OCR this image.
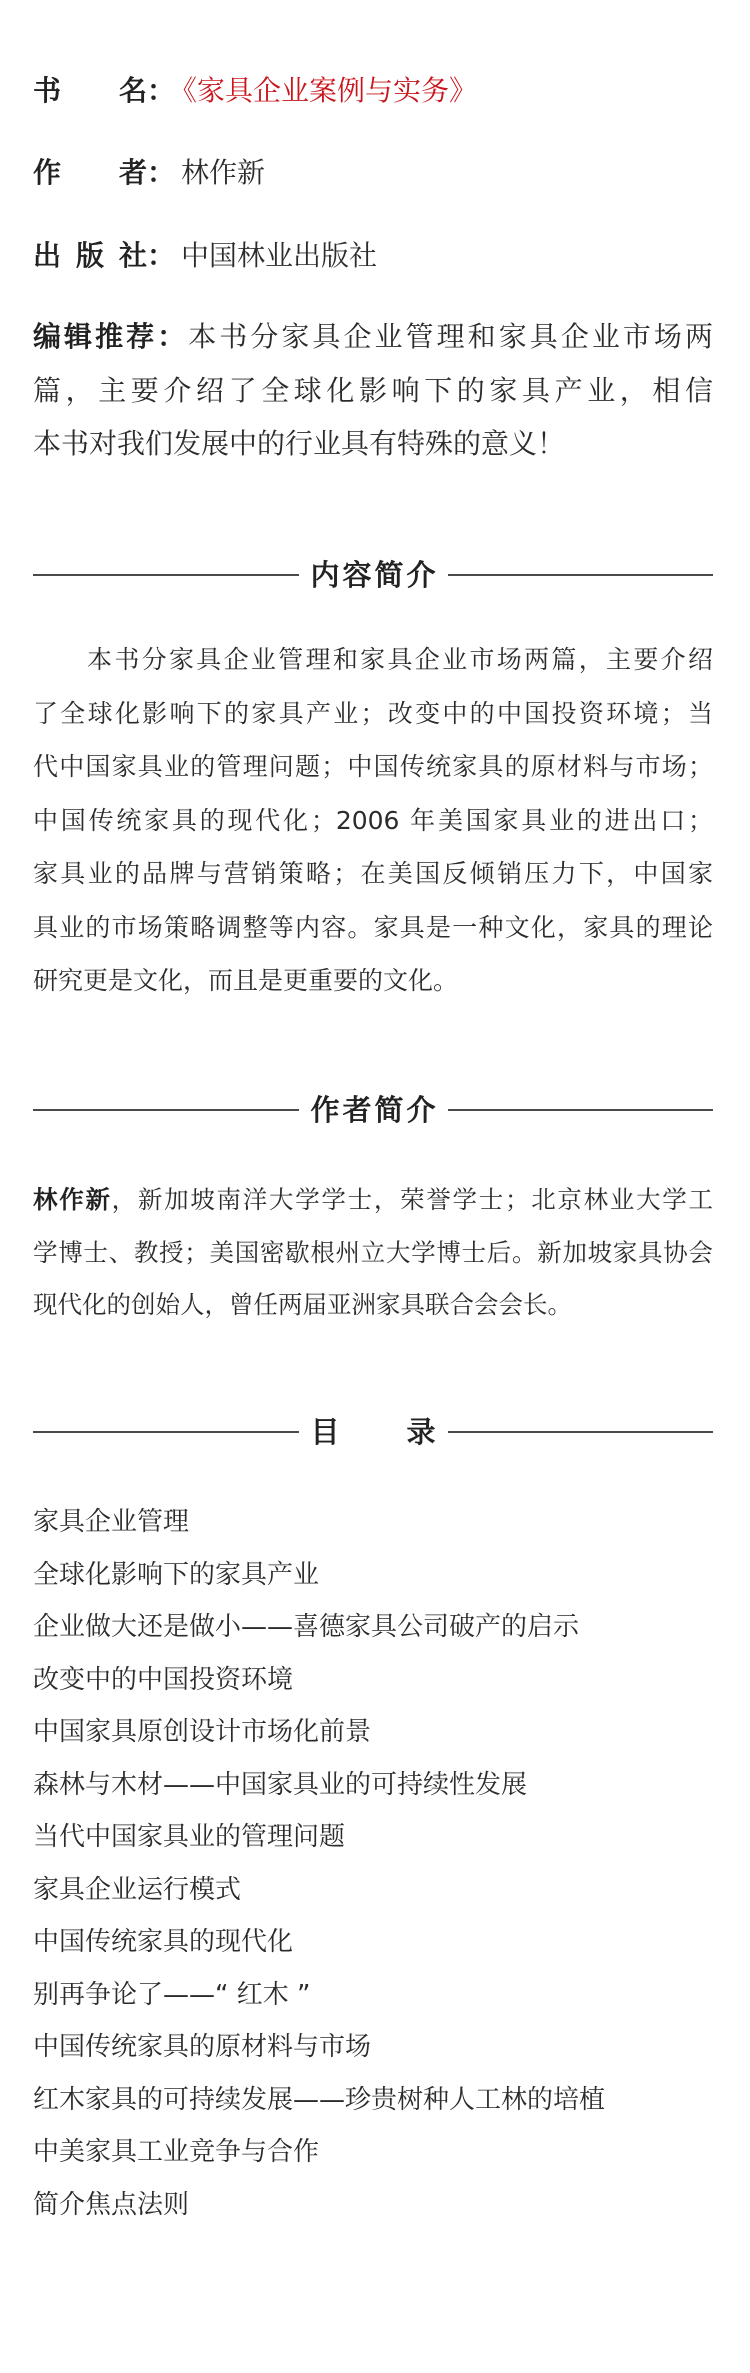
书名：《家具企业案例与实务》
作者： 林作新
出版社： 中国林业出版社
编辑推荐：本书分家具企业管理和家具企业市场两
篇，主要介绍了全球化影响下的家具产业，相信
本书对我们发展中的行业具有特殊的意义！
内容简介
本书分家具企业管理和家具企业市场两篇，主要介绍
了全球化影响下的家具产业；改变中的中国投资环境；当
代中国家具业的管理问题；中国传统家具的原材料与市场；
中国传统家具的现代化；2006 年美国家具业的进出口；
家具业的品牌与营销策略；在美国反倾销压力下，中国家
具业的市场策略调整等内容。家具是一种文化，家具的理论
研究更是文化，而且是更重要的文化。
作者简介
林作新，新加坡南洋大学学士，荣誉学士；北京林业大学工
学博士、教授；美国密歇根州立大学博士后。新加坡家具协会
现代化的创始人，曾任两届亚洲家具联合会会长。
目录
家具企业管理
全球化影响下的家具产业
企业做大还是做小——喜德家具公司破产的启示
改变中的中国投资环境
中国家具原创设计市场化前景
森林与木材——中国家具业的可持续性发展
当代中国家具业的管理问题
家具企业运行模式
中国传统家具的现代化
别再争论了——“ 红木 ”
中国传统家具的原材料与市场
红木家具的可持续发展——珍贵树种人工林的培植
中美家具工业竞争与合作
简介焦点法则
